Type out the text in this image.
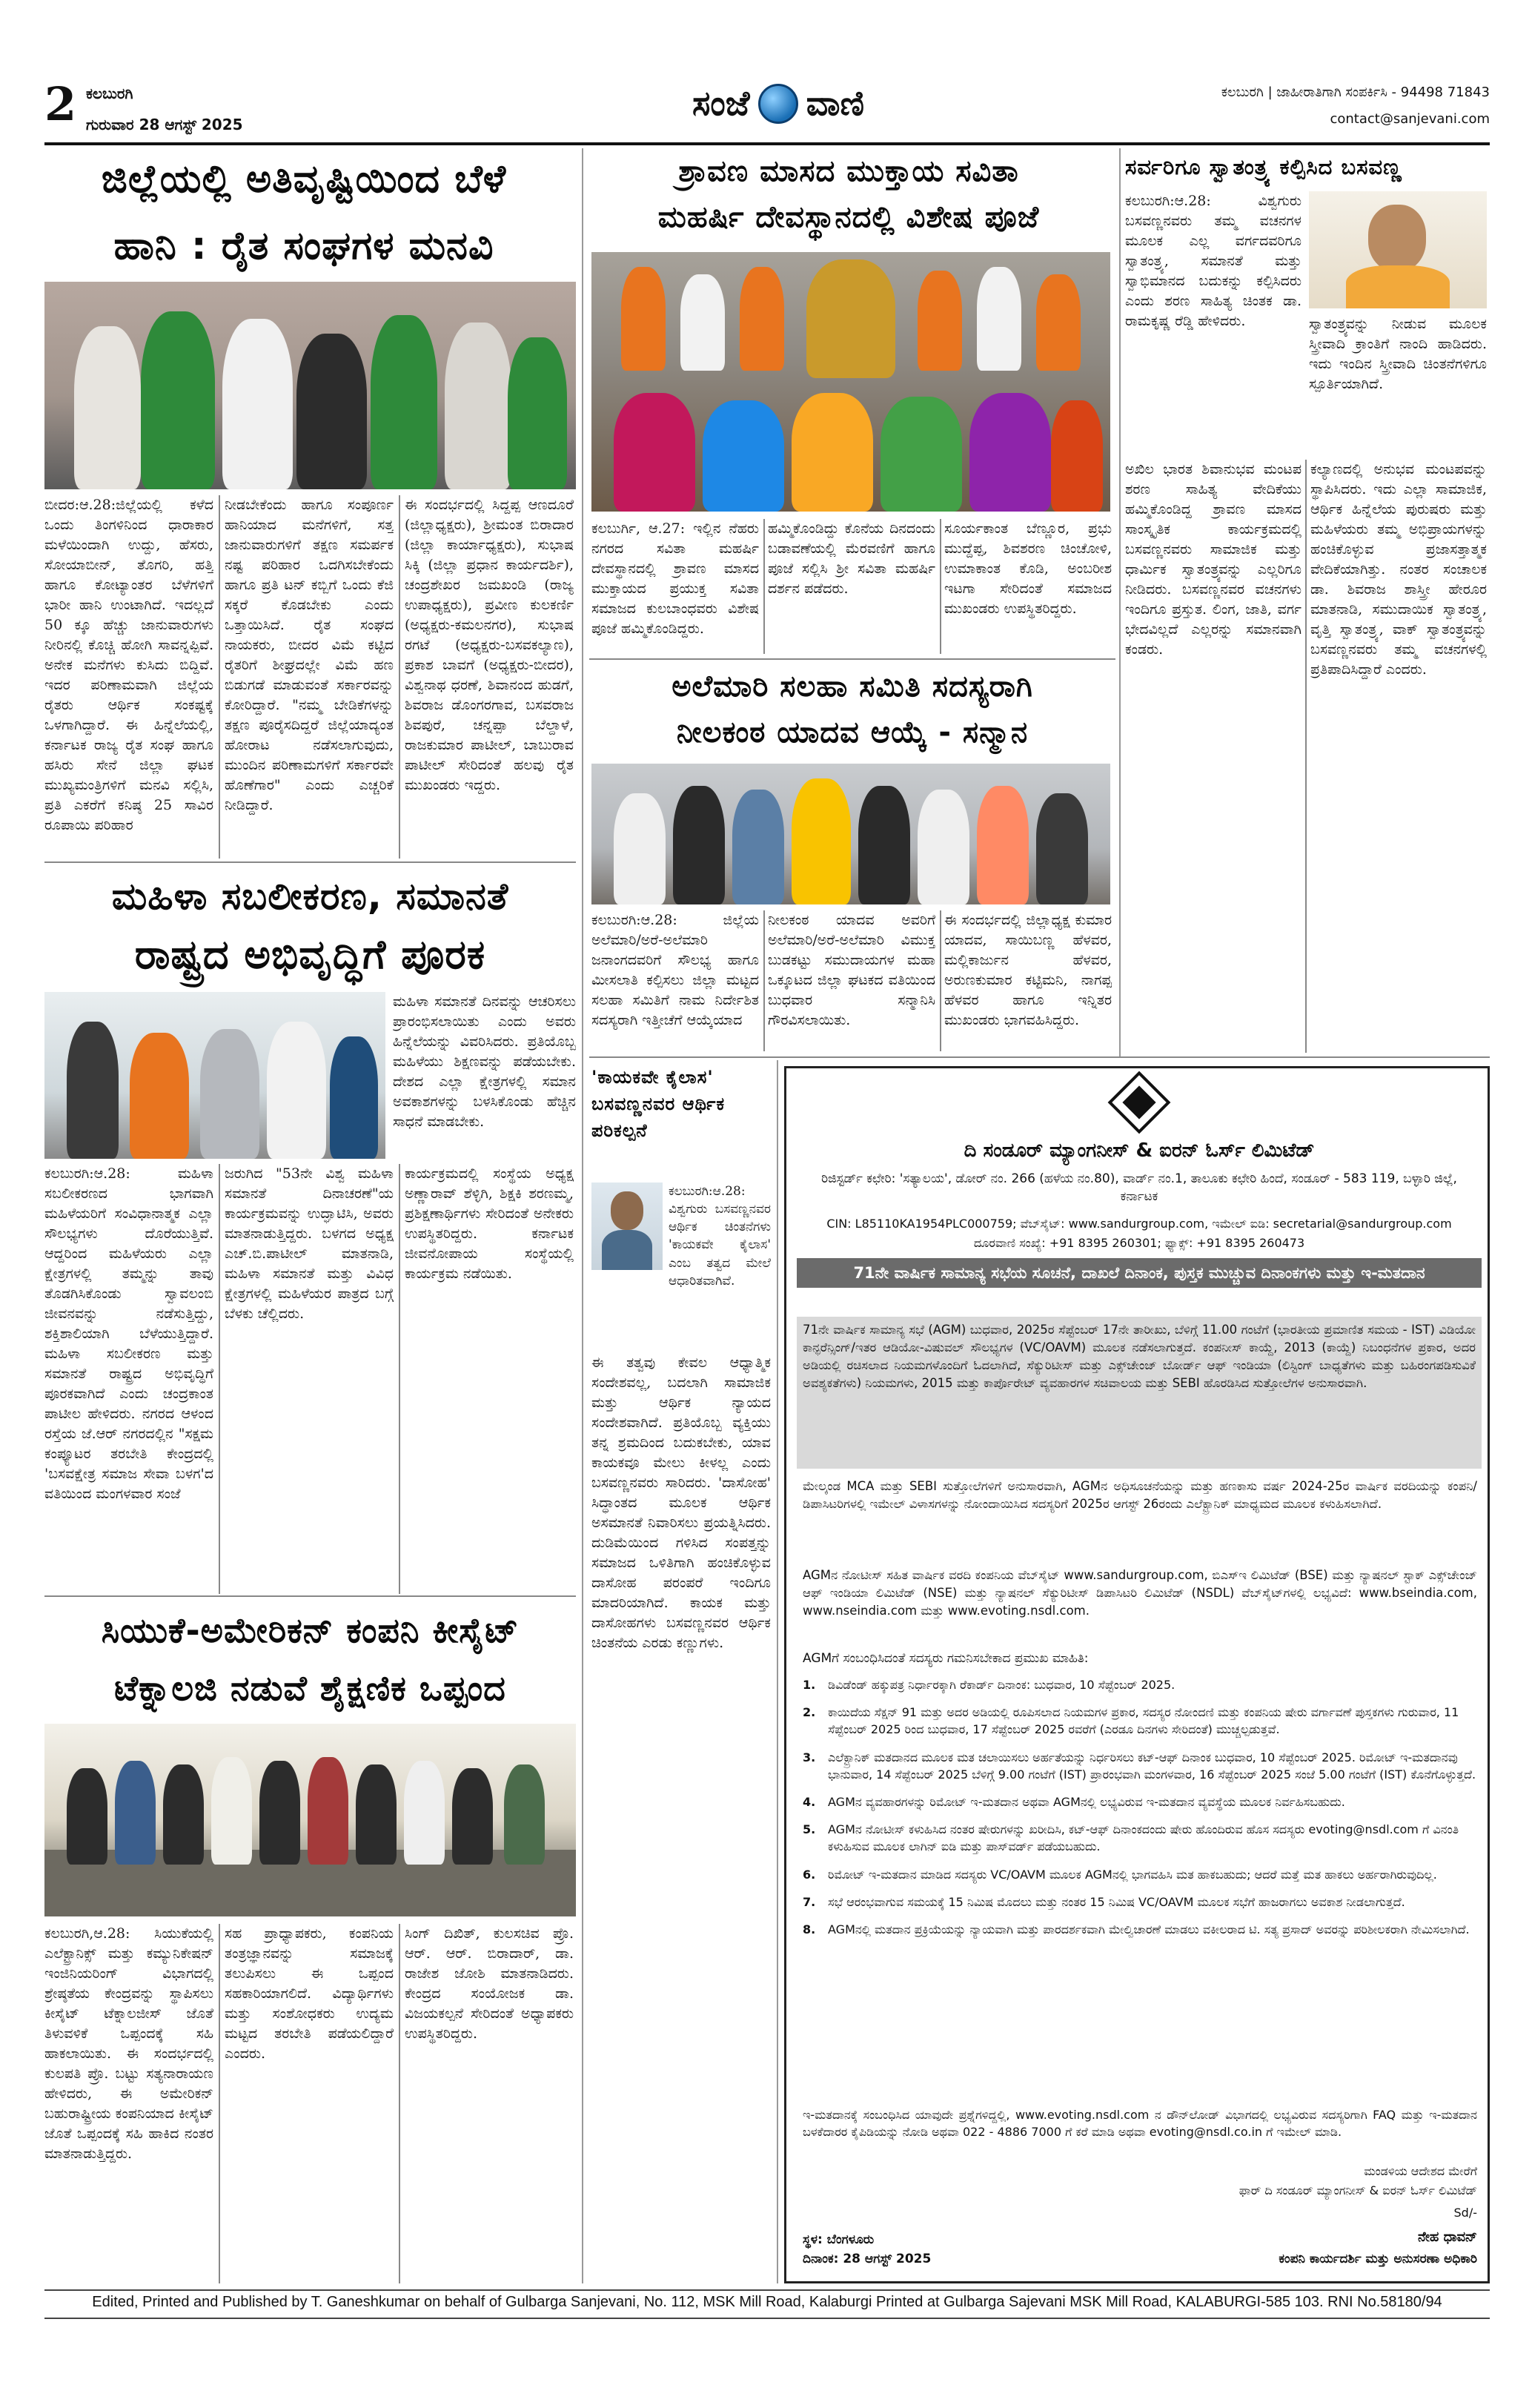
2 ಕಲಬುರಗಿ
ಗುರುವಾರ 28 ಆಗಸ್ಟ್ 2025
ಸಂಜೆ ವಾಣಿ	ಕಲಬುರಗಿ | ಜಾಹೀರಾತಿಗಾಗಿ ಸಂಪರ್ಕಿಸಿ - 94498 71843
contact@sanjevani.com
ಜಿಲ್ಲೆಯಲ್ಲಿ ಅತಿವೃಷ್ಟಿಯಿಂದ ಬೆಳೆ
ಹಾನಿ : ರೈತ ಸಂಘಗಳ ಮನವಿ
ಬೀದರ:ಆ.28:ಜಿಲ್ಲೆಯಲ್ಲಿ ಕಳೆದ ಒಂದು ತಿಂಗಳಿನಿಂದ ಧಾರಾಕಾರ ಮಳೆಯಿಂದಾಗಿ ಉದ್ದು, ಹೆಸರು, ಸೋಯಾಬೀನ್, ತೊಗರಿ, ಹತ್ತಿ ಹಾಗೂ ಕೋಟ್ಯಾಂತರ ಬೆಳೆಗಳಿಗೆ ಭಾರೀ ಹಾನಿ ಉಂಟಾಗಿದೆ. ಇದಲ್ಲದೆ 50 ಕ್ಕೂ ಹೆಚ್ಚು ಜಾನುವಾರುಗಳು ನೀರಿನಲ್ಲಿ ಕೊಚ್ಚಿ ಹೋಗಿ ಸಾವನ್ನಪ್ಪಿವೆ. ಅನೇಕ ಮನೆಗಳು ಕುಸಿದು ಬಿದ್ದಿವೆ. ಇದರ ಪರಿಣಾಮವಾಗಿ ಜಿಲ್ಲೆಯ ರೈತರು ಆರ್ಥಿಕ ಸಂಕಷ್ಟಕ್ಕೆ ಒಳಗಾಗಿದ್ದಾರೆ. ಈ ಹಿನ್ನೆಲೆಯಲ್ಲಿ, ಕರ್ನಾಟಕ ರಾಜ್ಯ ರೈತ ಸಂಘ ಹಾಗೂ ಹಸಿರು ಸೇನೆ ಜಿಲ್ಲಾ ಘಟಕ ಮುಖ್ಯಮಂತ್ರಿಗಳಿಗೆ ಮನವಿ ಸಲ್ಲಿಸಿ, ಪ್ರತಿ ಎಕರೆಗೆ ಕನಿಷ್ಠ 25 ಸಾವಿರ ರೂಪಾಯಿ ಪರಿಹಾರ
ನೀಡಬೇಕೆಂದು ಹಾಗೂ ಸಂಪೂರ್ಣ ಹಾನಿಯಾದ ಮನೆಗಳಿಗೆ, ಸತ್ತ ಜಾನುವಾರುಗಳಿಗೆ ತಕ್ಷಣ ಸಮರ್ಪಕ ನಷ್ಟ ಪರಿಹಾರ ಒದಗಿಸಬೇಕೆಂದು ಹಾಗೂ ಪ್ರತಿ ಟನ್ ಕಬ್ಬಿಗೆ ಒಂದು ಕೆಜಿ ಸಕ್ಕರೆ ಕೊಡಬೇಕು ಎಂದು ಒತ್ತಾಯಿಸಿದೆ. ರೈತ ಸಂಘದ ನಾಯಕರು, ಬೀದರ ವಿಮೆ ಕಟ್ಟಿದ ರೈತರಿಗೆ ಶೀಘ್ರದಲ್ಲೇ ವಿಮೆ ಹಣ ಬಿಡುಗಡೆ ಮಾಡುವಂತೆ ಸರ್ಕಾರವನ್ನು ಕೋರಿದ್ದಾರೆ. "ನಮ್ಮ ಬೇಡಿಕೆಗಳನ್ನು ತಕ್ಷಣ ಪೂರೈಸದಿದ್ದರೆ ಜಿಲ್ಲೆಯಾದ್ಯಂತ ಹೋರಾಟ ನಡೆಸಲಾಗುವುದು, ಮುಂದಿನ ಪರಿಣಾಮಗಳಿಗೆ ಸರ್ಕಾರವೇ ಹೊಣೆಗಾರ" ಎಂದು ಎಚ್ಚರಿಕೆ ನೀಡಿದ್ದಾರೆ.
ಈ ಸಂದರ್ಭದಲ್ಲಿ ಸಿದ್ದಪ್ಪ ಆಣದೂರೆ (ಜಿಲ್ಲಾಧ್ಯಕ್ಷರು), ಶ್ರೀಮಂತ ಬಿರಾದಾರ (ಜಿಲ್ಲಾ ಕಾರ್ಯಾಧ್ಯಕ್ಷರು), ಸುಭಾಷ ಸಿಕ್ಕಿ (ಜಿಲ್ಲಾ ಪ್ರಧಾನ ಕಾರ್ಯದರ್ಶಿ), ಚಂದ್ರಶೇಖರ ಜಮಖಂಡಿ (ರಾಜ್ಯ ಉಪಾಧ್ಯಕ್ಷರು), ಪ್ರವೀಣ ಕುಲಕರ್ಣಿ (ಅಧ್ಯಕ್ಷರು-ಕಮಲನಗರ), ಸುಭಾಷ ರಗಟೆ (ಅಧ್ಯಕ್ಷರು-ಬಸವಕಲ್ಯಾಣ), ಪ್ರಕಾಶ ಬಾವಗೆ (ಅಧ್ಯಕ್ಷರು-ಬೀದರ), ವಿಶ್ವನಾಥ ಧರಣೆ, ಶಿವಾನಂದ ಹುಡಗೆ, ಶಿವರಾಜ ಡೊಂಗರಗಾವ, ಬಸವರಾಜ ಶಿವಪುರೆ, ಚನ್ನಪ್ಪಾ ಬೆಲ್ದಾಳೆ, ರಾಜಕುಮಾರ ಪಾಟೀಲ್, ಬಾಬುರಾವ ಪಾಟೀಲ್ ಸೇರಿದಂತೆ ಹಲವು ರೈತ ಮುಖಂಡರು ಇದ್ದರು.
ಮಹಿಳಾ ಸಬಲೀಕರಣ, ಸಮಾನತೆ
ರಾಷ್ಟ್ರದ ಅಭಿವೃದ್ಧಿಗೆ ಪೂರಕ
ಮಹಿಳಾ ಸಮಾನತೆ ದಿನವನ್ನು ಆಚರಿಸಲು ಪ್ರಾರಂಭಿಸಲಾಯಿತು ಎಂದು ಅವರು ಹಿನ್ನೆಲೆಯನ್ನು ವಿವರಿಸಿದರು. ಪ್ರತಿಯೊಬ್ಬ ಮಹಿಳೆಯು ಶಿಕ್ಷಣವನ್ನು ಪಡೆಯಬೇಕು. ದೇಶದ ಎಲ್ಲಾ ಕ್ಷೇತ್ರಗಳಲ್ಲಿ ಸಮಾನ ಅವಕಾಶಗಳನ್ನು ಬಳಸಿಕೊಂಡು ಹೆಚ್ಚಿನ ಸಾಧನೆ ಮಾಡಬೇಕು.
ಕಲಬುರಗಿ:ಆ.28: ಮಹಿಳಾ ಸಬಲೀಕರಣದ ಭಾಗವಾಗಿ ಮಹಿಳೆಯರಿಗೆ ಸಂವಿಧಾನಾತ್ಮಕ ಎಲ್ಲಾ ಸೌಲಭ್ಯಗಳು ದೊರೆಯುತ್ತಿವೆ. ಆದ್ದರಿಂದ ಮಹಿಳೆಯರು ಎಲ್ಲಾ ಕ್ಷೇತ್ರಗಳಲ್ಲಿ ತಮ್ಮನ್ನು ತಾವು ತೊಡಗಿಸಿಕೊಂಡು ಸ್ವಾವಲಂಬಿ ಜೀವನವನ್ನು ನಡೆಸುತ್ತಿದ್ದು, ಶಕ್ತಿಶಾಲಿಯಾಗಿ ಬೆಳೆಯುತ್ತಿದ್ದಾರೆ. ಮಹಿಳಾ ಸಬಲೀಕರಣ ಮತ್ತು ಸಮಾನತೆ ರಾಷ್ಟ್ರದ ಅಭಿವೃದ್ಧಿಗೆ ಪೂರಕವಾಗಿದೆ ಎಂದು ಚಂದ್ರಕಾಂತ ಪಾಟೀಲ ಹೇಳಿದರು. ನಗರದ ಆಳಂದ ರಸ್ತೆಯ ಜೆ.ಆರ್ ನಗರದಲ್ಲಿನ "ಸಕ್ಷಮ ಕಂಪ್ಯೂಟರ ತರಬೇತಿ ಕೇಂದ್ರದಲ್ಲಿ 'ಬಸವಕ್ಷೇತ್ರ ಸಮಾಜ ಸೇವಾ ಬಳಗ'ದ ವತಿಯಿಂದ ಮಂಗಳವಾರ ಸಂಜೆ
ಜರುಗಿದ "53ನೇ ವಿಶ್ವ ಮಹಿಳಾ ಸಮಾನತೆ ದಿನಾಚರಣೆ"ಯ ಕಾರ್ಯಕ್ರಮವನ್ನು ಉದ್ಘಾಟಿಸಿ, ಅವರು ಮಾತನಾಡುತ್ತಿದ್ದರು. ಬಳಗದ ಅಧ್ಯಕ್ಷ ಎಚ್.ಬಿ.ಪಾಟೀಲ್ ಮಾತನಾಡಿ, ಮಹಿಳಾ ಸಮಾನತೆ ಮತ್ತು ವಿವಿಧ ಕ್ಷೇತ್ರಗಳಲ್ಲಿ ಮಹಿಳೆಯರ ಪಾತ್ರದ ಬಗ್ಗೆ ಬೆಳಕು ಚೆಲ್ಲಿದರು.
ಕಾರ್ಯಕ್ರಮದಲ್ಲಿ ಸಂಸ್ಥೆಯ ಅಧ್ಯಕ್ಷ ಅಣ್ಣಾರಾವ್ ಶೆಳ್ಳಿಗಿ, ಶಿಕ್ಷಕಿ ಶರಣಮ್ಮ, ಪ್ರಶಿಕ್ಷಣಾರ್ಥಿಗಳು ಸೇರಿದಂತೆ ಅನೇಕರು ಉಪಸ್ಥಿತರಿದ್ದರು. ಕರ್ನಾಟಕ ಜೀವನೋಪಾಯ ಸಂಸ್ಥೆಯಲ್ಲಿ ಕಾರ್ಯಕ್ರಮ ನಡೆಯಿತು.
ಸಿಯುಕೆ-ಅಮೇರಿಕನ್ ಕಂಪನಿ ಕೀಸೈಟ್
ಟೆಕ್ನಾಲಜಿ ನಡುವೆ ಶೈಕ್ಷಣಿಕ ಒಪ್ಪಂದ
ಕಲಬುರಗಿ,ಆ.28: ಸಿಯುಕೆಯಲ್ಲಿ ಎಲೆಕ್ಟ್ರಾನಿಕ್ಸ್ ಮತ್ತು ಕಮ್ಯುನಿಕೇಷನ್ ಇಂಜಿನಿಯರಿಂಗ್ ವಿಭಾಗದಲ್ಲಿ ಶ್ರೇಷ್ಠತೆಯ ಕೇಂದ್ರವನ್ನು ಸ್ಥಾಪಿಸಲು ಕೀಸೈಟ್ ಟೆಕ್ನಾಲಜೀಸ್ ಜೊತೆ ತಿಳುವಳಿಕೆ ಒಪ್ಪಂದಕ್ಕೆ ಸಹಿ ಹಾಕಲಾಯಿತು. ಈ ಸಂದರ್ಭದಲ್ಲಿ ಕುಲಪತಿ ಪ್ರೊ. ಬಟ್ಟು ಸತ್ಯನಾರಾಯಣ ಹೇಳಿದರು, ಈ ಅಮೇರಿಕನ್ ಬಹುರಾಷ್ಟ್ರೀಯ ಕಂಪನಿಯಾದ ಕೀಸೈಟ್ ಜೊತೆ ಒಪ್ಪಂದಕ್ಕೆ ಸಹಿ ಹಾಕಿದ ನಂತರ ಮಾತನಾಡುತ್ತಿದ್ದರು.
ಸಹ ಪ್ರಾಧ್ಯಾಪಕರು, ಕಂಪನಿಯ ತಂತ್ರಜ್ಞಾನವನ್ನು ಸಮಾಜಕ್ಕೆ ತಲುಪಿಸಲು ಈ ಒಪ್ಪಂದ ಸಹಕಾರಿಯಾಗಲಿದೆ. ವಿದ್ಯಾರ್ಥಿಗಳು ಮತ್ತು ಸಂಶೋಧಕರು ಉದ್ಯಮ ಮಟ್ಟದ ತರಬೇತಿ ಪಡೆಯಲಿದ್ದಾರೆ ಎಂದರು.
ಸಿಂಗ್ ದಿಖಿತ್, ಕುಲಸಚಿವ ಪ್ರೊ. ಆರ್. ಆರ್. ಬಿರಾದಾರ್, ಡಾ. ರಾಜೇಶ ಜೋಶಿ ಮಾತನಾಡಿದರು. ಕೇಂದ್ರದ ಸಂಯೋಜಕ ಡಾ. ವಿಜಯಕಲ್ಪನೆ ಸೇರಿದಂತೆ ಅಧ್ಯಾಪಕರು ಉಪಸ್ಥಿತರಿದ್ದರು.
ಶ್ರಾವಣ ಮಾಸದ ಮುಕ್ತಾಯ ಸವಿತಾ
ಮಹರ್ಷಿ ದೇವಸ್ಥಾನದಲ್ಲಿ ವಿಶೇಷ ಪೂಜೆ
ಕಲಬುರ್ಗಿ, ಆ.27: ಇಲ್ಲಿನ ನೆಹರು ನಗರದ ಸವಿತಾ ಮಹರ್ಷಿ ದೇವಸ್ಥಾನದಲ್ಲಿ ಶ್ರಾವಣ ಮಾಸದ ಮುಕ್ತಾಯದ ಪ್ರಯುಕ್ತ ಸವಿತಾ ಸಮಾಜದ ಕುಲಬಾಂಧವರು ವಿಶೇಷ ಪೂಜೆ ಹಮ್ಮಿಕೊಂಡಿದ್ದರು.
ಹಮ್ಮಿಕೊಂಡಿದ್ದು ಕೊನೆಯ ದಿನದಂದು ಬಡಾವಣೆಯಲ್ಲಿ ಮೆರವಣಿಗೆ ಹಾಗೂ ಪೂಜೆ ಸಲ್ಲಿಸಿ ಶ್ರೀ ಸವಿತಾ ಮಹರ್ಷಿ ದರ್ಶನ ಪಡೆದರು.
ಸೂರ್ಯಕಾಂತ ಬೆಣ್ಣೂರ, ಪ್ರಭು ಮುದ್ದೆಪ್ಪ, ಶಿವಶರಣ ಚಿಂಚೋಳಿ, ಉಮಾಕಾಂತ ಕೊಡಿ, ಅಂಬರೀಶ ಇಟಗಾ ಸೇರಿದಂತೆ ಸಮಾಜದ ಮುಖಂಡರು ಉಪಸ್ಥಿತರಿದ್ದರು.
ಅಲೆಮಾರಿ ಸಲಹಾ ಸಮಿತಿ ಸದಸ್ಯರಾಗಿ
ನೀಲಕಂಠ ಯಾದವ ಆಯ್ಕೆ - ಸನ್ಮಾನ
ಕಲಬುರಗಿ:ಆ.28: ಜಿಲ್ಲೆಯ ಅಲೆಮಾರಿ/ಅರೆ-ಅಲೆಮಾರಿ ಜನಾಂಗದವರಿಗೆ ಸೌಲಭ್ಯ ಹಾಗೂ ಮೀಸಲಾತಿ ಕಲ್ಪಿಸಲು ಜಿಲ್ಲಾ ಮಟ್ಟದ ಸಲಹಾ ಸಮಿತಿಗೆ ನಾಮ ನಿರ್ದೇಶಿತ ಸದಸ್ಯರಾಗಿ ಇತ್ತೀಚೆಗೆ ಆಯ್ಕೆಯಾದ
ನೀಲಕಂಠ ಯಾದವ ಅವರಿಗೆ ಅಲೆಮಾರಿ/ಅರೆ-ಅಲೆಮಾರಿ ವಿಮುಕ್ತ ಬುಡಕಟ್ಟು ಸಮುದಾಯಗಳ ಮಹಾ ಒಕ್ಕೂಟದ ಜಿಲ್ಲಾ ಘಟಕದ ವತಿಯಿಂದ ಬುಧವಾರ ಸನ್ಮಾನಿಸಿ ಗೌರವಿಸಲಾಯಿತು.
ಈ ಸಂದರ್ಭದಲ್ಲಿ ಜಿಲ್ಲಾಧ್ಯಕ್ಷ ಕುಮಾರ ಯಾದವ, ಸಾಯಿಬಣ್ಣ ಹೆಳವರ, ಮಲ್ಲಿಕಾರ್ಜುನ ಹೆಳವರ, ಅರುಣಕುಮಾರ ಕಟ್ಟಿಮನಿ, ನಾಗಪ್ಪ ಹೆಳವರ ಹಾಗೂ ಇನ್ನಿತರ ಮುಖಂಡರು ಭಾಗವಹಿಸಿದ್ದರು.
ಸರ್ವರಿಗೂ ಸ್ವಾತಂತ್ರ್ಯ ಕಲ್ಪಿಸಿದ ಬಸವಣ್ಣ
ಕಲಬುರಗಿ:ಆ.28: ವಿಶ್ವಗುರು ಬಸವಣ್ಣನವರು ತಮ್ಮ ವಚನಗಳ ಮೂಲಕ ಎಲ್ಲ ವರ್ಗದವರಿಗೂ ಸ್ವಾತಂತ್ರ್ಯ, ಸಮಾನತೆ ಮತ್ತು ಸ್ವಾಭಿಮಾನದ ಬದುಕನ್ನು ಕಲ್ಪಿಸಿದರು ಎಂದು ಶರಣ ಸಾಹಿತ್ಯ ಚಿಂತಕ ಡಾ. ರಾಮಕೃಷ್ಣ ರೆಡ್ಡಿ ಹೇಳಿದರು.	ಸ್ವಾತಂತ್ರ್ಯವನ್ನು ನೀಡುವ ಮೂಲಕ ಸ್ತ್ರೀವಾದಿ ಕ್ರಾಂತಿಗೆ ನಾಂದಿ ಹಾಡಿದರು. ಇದು ಇಂದಿನ ಸ್ತ್ರೀವಾದಿ ಚಿಂತನೆಗಳಿಗೂ ಸ್ಪೂರ್ತಿಯಾಗಿದೆ.
ಅಖಿಲ ಭಾರತ ಶಿವಾನುಭವ ಮಂಟಪ ಶರಣ ಸಾಹಿತ್ಯ ವೇದಿಕೆಯು ಹಮ್ಮಿಕೊಂಡಿದ್ದ ಶ್ರಾವಣ ಮಾಸದ ಸಾಂಸ್ಕೃತಿಕ ಕಾರ್ಯಕ್ರಮದಲ್ಲಿ ಬಸವಣ್ಣನವರು ಸಾಮಾಜಿಕ ಮತ್ತು ಧಾರ್ಮಿಕ ಸ್ವಾತಂತ್ರ್ಯವನ್ನು ಎಲ್ಲರಿಗೂ ನೀಡಿದರು. ಬಸವಣ್ಣನವರ ವಚನಗಳು ಇಂದಿಗೂ ಪ್ರಸ್ತುತ. ಲಿಂಗ, ಜಾತಿ, ವರ್ಗ ಭೇದವಿಲ್ಲದೆ ಎಲ್ಲರನ್ನು ಸಮಾನವಾಗಿ ಕಂಡರು.
ಕಲ್ಯಾಣದಲ್ಲಿ ಅನುಭವ ಮಂಟಪವನ್ನು ಸ್ಥಾಪಿಸಿದರು. ಇದು ಎಲ್ಲಾ ಸಾಮಾಜಿಕ, ಆರ್ಥಿಕ ಹಿನ್ನೆಲೆಯ ಪುರುಷರು ಮತ್ತು ಮಹಿಳೆಯರು ತಮ್ಮ ಅಭಿಪ್ರಾಯಗಳನ್ನು ಹಂಚಿಕೊಳ್ಳುವ ಪ್ರಜಾಸತ್ತಾತ್ಮಕ ವೇದಿಕೆಯಾಗಿತ್ತು. ನಂತರ ಸಂಚಾಲಕ ಡಾ. ಶಿವರಾಜ ಶಾಸ್ತ್ರೀ ಹೇರೂರ ಮಾತನಾಡಿ, ಸಮುದಾಯಿಕ ಸ್ವಾತಂತ್ರ್ಯ, ವೃತ್ತಿ ಸ್ವಾತಂತ್ರ್ಯ, ವಾಕ್ ಸ್ವಾತಂತ್ರ್ಯವನ್ನು ಬಸವಣ್ಣನವರು ತಮ್ಮ ವಚನಗಳಲ್ಲಿ ಪ್ರತಿಪಾದಿಸಿದ್ದಾರೆ ಎಂದರು.
'ಕಾಯಕವೇ ಕೈಲಾಸ' ಬಸವಣ್ಣನವರ ಆರ್ಥಿಕ ಪರಿಕಲ್ಪನೆ
ಕಲಬುರಗಿ:ಆ.28: ವಿಶ್ವಗುರು ಬಸವಣ್ಣನವರ ಆರ್ಥಿಕ ಚಿಂತನೆಗಳು 'ಕಾಯಕವೇ ಕೈಲಾಸ' ಎಂಬ ತತ್ವದ ಮೇಲೆ ಆಧಾರಿತವಾಗಿವೆ.
ಈ ತತ್ವವು ಕೇವಲ ಆಧ್ಯಾತ್ಮಿಕ ಸಂದೇಶವಲ್ಲ, ಬದಲಾಗಿ ಸಾಮಾಜಿಕ ಮತ್ತು ಆರ್ಥಿಕ ನ್ಯಾಯದ ಸಂದೇಶವಾಗಿದೆ. ಪ್ರತಿಯೊಬ್ಬ ವ್ಯಕ್ತಿಯು ತನ್ನ ಶ್ರಮದಿಂದ ಬದುಕಬೇಕು, ಯಾವ ಕಾಯಕವೂ ಮೇಲು ಕೀಳಲ್ಲ ಎಂದು ಬಸವಣ್ಣನವರು ಸಾರಿದರು. 'ದಾಸೋಹ' ಸಿದ್ಧಾಂತದ ಮೂಲಕ ಆರ್ಥಿಕ ಅಸಮಾನತೆ ನಿವಾರಿಸಲು ಪ್ರಯತ್ನಿಸಿದರು. ದುಡಿಮೆಯಿಂದ ಗಳಿಸಿದ ಸಂಪತ್ತನ್ನು ಸಮಾಜದ ಒಳಿತಿಗಾಗಿ ಹಂಚಿಕೊಳ್ಳುವ ದಾಸೋಹ ಪರಂಪರೆ ಇಂದಿಗೂ ಮಾದರಿಯಾಗಿದೆ. ಕಾಯಕ ಮತ್ತು ದಾಸೋಹಗಳು ಬಸವಣ್ಣನವರ ಆರ್ಥಿಕ ಚಿಂತನೆಯ ಎರಡು ಕಣ್ಣುಗಳು.
ದಿ ಸಂಡೂರ್ ಮ್ಯಾಂಗನೀಸ್ & ಐರನ್ ಓರ್ಸ್ ಲಿಮಿಟೆಡ್
ರಿಜಿಸ್ಟರ್ಡ್ ಕಛೇರಿ: 'ಸತ್ಯಾಲಯ', ಡೋರ್ ನಂ. 266 (ಹಳೆಯ ನಂ.80), ವಾರ್ಡ್ ನಂ.1, ತಾಲೂಕು ಕಛೇರಿ ಹಿಂದೆ, ಸಂಡೂರ್ - 583 119, ಬಳ್ಳಾರಿ ಜಿಲ್ಲೆ, ಕರ್ನಾಟಕ
CIN: L85110KA1954PLC000759; ವೆಬ್‌ಸೈಟ್: www.sandurgroup.com, ಇಮೇಲ್ ಐಡಿ: secretarial@sandurgroup.com
ದೂರವಾಣಿ ಸಂಖ್ಯೆ: +91 8395 260301; ಫ್ಯಾಕ್ಸ್: +91 8395 260473
71ನೇ ವಾರ್ಷಿಕ ಸಾಮಾನ್ಯ ಸಭೆಯ ಸೂಚನೆ, ದಾಖಲೆ ದಿನಾಂಕ, ಪುಸ್ತಕ ಮುಚ್ಚುವ ದಿನಾಂಕಗಳು ಮತ್ತು ಇ-ಮತದಾನ
71ನೇ ವಾರ್ಷಿಕ ಸಾಮಾನ್ಯ ಸಭೆ (AGM) ಬುಧವಾರ, 2025ರ ಸೆಪ್ಟೆಂಬರ್ 17ನೇ ತಾರೀಖು, ಬೆಳಿಗ್ಗೆ 11.00 ಗಂಟೆಗೆ (ಭಾರತೀಯ ಪ್ರಮಾಣಿತ ಸಮಯ - IST) ವಿಡಿಯೋ ಕಾನ್ಫರೆನ್ಸಿಂಗ್/ಇತರ ಆಡಿಯೋ-ವಿಷುವಲ್ ಸೌಲಭ್ಯಗಳ (VC/OAVM) ಮೂಲಕ ನಡೆಸಲಾಗುತ್ತದೆ. ಕಂಪನೀಸ್ ಕಾಯ್ದೆ, 2013 (ಕಾಯ್ದೆ) ನಿಬಂಧನೆಗಳ ಪ್ರಕಾರ, ಅದರ ಅಡಿಯಲ್ಲಿ ರಚಿಸಲಾದ ನಿಯಮಗಳೊಂದಿಗೆ ಓದಲಾಗಿದೆ, ಸೆಕ್ಯುರಿಟೀಸ್ ಮತ್ತು ಎಕ್ಸ್‌ಚೇಂಜ್ ಬೋರ್ಡ್ ಆಫ್ ಇಂಡಿಯಾ (ಲಿಸ್ಟಿಂಗ್ ಬಾಧ್ಯತೆಗಳು ಮತ್ತು ಬಹಿರಂಗಪಡಿಸುವಿಕೆ ಅವಶ್ಯಕತೆಗಳು) ನಿಯಮಗಳು, 2015 ಮತ್ತು ಕಾರ್ಪೊರೇಟ್ ವ್ಯವಹಾರಗಳ ಸಚಿವಾಲಯ ಮತ್ತು SEBI ಹೊರಡಿಸಿದ ಸುತ್ತೋಲೆಗಳ ಅನುಸಾರವಾಗಿ.
ಮೇಲ್ಕಂಡ MCA ಮತ್ತು SEBI ಸುತ್ತೋಲೆಗಳಿಗೆ ಅನುಸಾರವಾಗಿ, AGMನ ಅಧಿಸೂಚನೆಯನ್ನು ಮತ್ತು ಹಣಕಾಸು ವರ್ಷ 2024-25ರ ವಾರ್ಷಿಕ ವರದಿಯನ್ನು ಕಂಪನಿ/ಡಿಪಾಸಿಟರಿಗಳಲ್ಲಿ ಇಮೇಲ್ ವಿಳಾಸಗಳನ್ನು ನೋಂದಾಯಿಸಿದ ಸದಸ್ಯರಿಗೆ 2025ರ ಆಗಸ್ಟ್ 26ರಂದು ಎಲೆಕ್ಟ್ರಾನಿಕ್ ಮಾಧ್ಯಮದ ಮೂಲಕ ಕಳುಹಿಸಲಾಗಿದೆ.
AGMನ ನೋಟೀಸ್ ಸಹಿತ ವಾರ್ಷಿಕ ವರದಿ ಕಂಪನಿಯ ವೆಬ್‌ಸೈಟ್ www.sandurgroup.com, ಬಿಎಸ್‌ಇ ಲಿಮಿಟೆಡ್ (BSE) ಮತ್ತು ನ್ಯಾಷನಲ್ ಸ್ಟಾಕ್ ಎಕ್ಸ್‌ಚೇಂಜ್ ಆಫ್ ಇಂಡಿಯಾ ಲಿಮಿಟೆಡ್ (NSE) ಮತ್ತು ನ್ಯಾಷನಲ್ ಸೆಕ್ಯುರಿಟೀಸ್ ಡಿಪಾಸಿಟರಿ ಲಿಮಿಟೆಡ್ (NSDL) ವೆಬ್‌ಸೈಟ್‌ಗಳಲ್ಲಿ ಲಭ್ಯವಿದೆ: www.bseindia.com, www.nseindia.com ಮತ್ತು www.evoting.nsdl.com.
AGMಗೆ ಸಂಬಂಧಿಸಿದಂತೆ ಸದಸ್ಯರು ಗಮನಿಸಬೇಕಾದ ಪ್ರಮುಖ ಮಾಹಿತಿ:
1.	ಡಿವಿಡೆಂಡ್ ಹಕ್ಕುಪತ್ರ ನಿರ್ಧಾರಕ್ಕಾಗಿ ರೆಕಾರ್ಡ್ ದಿನಾಂಕ: ಬುಧವಾರ, 10 ಸೆಪ್ಟೆಂಬರ್ 2025.
2.	ಕಾಯಿದೆಯ ಸೆಕ್ಷನ್ 91 ಮತ್ತು ಅದರ ಅಡಿಯಲ್ಲಿ ರೂಪಿಸಲಾದ ನಿಯಮಗಳ ಪ್ರಕಾರ, ಸದಸ್ಯರ ನೋಂದಣಿ ಮತ್ತು ಕಂಪನಿಯ ಷೇರು ವರ್ಗಾವಣೆ ಪುಸ್ತಕಗಳು ಗುರುವಾರ, 11 ಸೆಪ್ಟೆಂಬರ್ 2025 ರಿಂದ ಬುಧವಾರ, 17 ಸೆಪ್ಟೆಂಬರ್ 2025 ರವರೆಗೆ (ಎರಡೂ ದಿನಗಳು ಸೇರಿದಂತೆ) ಮುಚ್ಚಲ್ಪಡುತ್ತವೆ.
3.	ಎಲೆಕ್ಟ್ರಾನಿಕ್ ಮತದಾನದ ಮೂಲಕ ಮತ ಚಲಾಯಿಸಲು ಅರ್ಹತೆಯನ್ನು ನಿರ್ಧರಿಸಲು ಕಟ್-ಆಫ್ ದಿನಾಂಕ ಬುಧವಾರ, 10 ಸೆಪ್ಟೆಂಬರ್ 2025. ರಿಮೋಟ್ ಇ-ಮತದಾನವು ಭಾನುವಾರ, 14 ಸೆಪ್ಟೆಂಬರ್ 2025 ಬೆಳಿಗ್ಗೆ 9.00 ಗಂಟೆಗೆ (IST) ಪ್ರಾರಂಭವಾಗಿ ಮಂಗಳವಾರ, 16 ಸೆಪ್ಟೆಂಬರ್ 2025 ಸಂಜೆ 5.00 ಗಂಟೆಗೆ (IST) ಕೊನೆಗೊಳ್ಳುತ್ತದೆ.
4.	AGMನ ವ್ಯವಹಾರಗಳನ್ನು ರಿಮೋಟ್ ಇ-ಮತದಾನ ಅಥವಾ AGMನಲ್ಲಿ ಲಭ್ಯವಿರುವ ಇ-ಮತದಾನ ವ್ಯವಸ್ಥೆಯ ಮೂಲಕ ನಿರ್ವಹಿಸಬಹುದು.
5.	AGMನ ನೋಟೀಸ್ ಕಳುಹಿಸಿದ ನಂತರ ಷೇರುಗಳನ್ನು ಖರೀದಿಸಿ, ಕಟ್-ಆಫ್ ದಿನಾಂಕದಂದು ಷೇರು ಹೊಂದಿರುವ ಹೊಸ ಸದಸ್ಯರು evoting@nsdl.com ಗೆ ವಿನಂತಿ ಕಳುಹಿಸುವ ಮೂಲಕ ಲಾಗಿನ್ ಐಡಿ ಮತ್ತು ಪಾಸ್‌ವರ್ಡ್ ಪಡೆಯಬಹುದು.
6.	ರಿಮೋಟ್ ಇ-ಮತದಾನ ಮಾಡಿದ ಸದಸ್ಯರು VC/OAVM ಮೂಲಕ AGMನಲ್ಲಿ ಭಾಗವಹಿಸಿ ಮತ ಹಾಕಬಹುದು; ಆದರೆ ಮತ್ತೆ ಮತ ಹಾಕಲು ಅರ್ಹರಾಗಿರುವುದಿಲ್ಲ.
7.	ಸಭೆ ಆರಂಭವಾಗುವ ಸಮಯಕ್ಕೆ 15 ನಿಮಿಷ ಮೊದಲು ಮತ್ತು ನಂತರ 15 ನಿಮಿಷ VC/OAVM ಮೂಲಕ ಸಭೆಗೆ ಹಾಜರಾಗಲು ಅವಕಾಶ ನೀಡಲಾಗುತ್ತದೆ.
8.	AGMನಲ್ಲಿ ಮತದಾನ ಪ್ರಕ್ರಿಯೆಯನ್ನು ನ್ಯಾಯವಾಗಿ ಮತ್ತು ಪಾರದರ್ಶಕವಾಗಿ ಮೇಲ್ವಿಚಾರಣೆ ಮಾಡಲು ವಕೀಲರಾದ ಟಿ. ಸತ್ಯ ಪ್ರಸಾದ್ ಅವರನ್ನು ಪರಿಶೀಲಕರಾಗಿ ನೇಮಿಸಲಾಗಿದೆ.
ಇ-ಮತದಾನಕ್ಕೆ ಸಂಬಂಧಿಸಿದ ಯಾವುದೇ ಪ್ರಶ್ನೆಗಳಿದ್ದಲ್ಲಿ, www.evoting.nsdl.com ನ ಡೌನ್‌ಲೋಡ್ ವಿಭಾಗದಲ್ಲಿ ಲಭ್ಯವಿರುವ ಸದಸ್ಯರಿಗಾಗಿ FAQ ಮತ್ತು ಇ-ಮತದಾನ ಬಳಕೆದಾರರ ಕೈಪಿಡಿಯನ್ನು ನೋಡಿ ಅಥವಾ 022 - 4886 7000 ಗೆ ಕರೆ ಮಾಡಿ ಅಥವಾ evoting@nsdl.co.in ಗೆ ಇಮೇಲ್ ಮಾಡಿ.
ಮಂಡಳಿಯ ಆದೇಶದ ಮೇರೆಗೆ
ಫಾರ್ ದಿ ಸಂಡೂರ್ ಮ್ಯಾಂಗನೀಸ್ & ಐರನ್ ಓರ್ಸ್ ಲಿಮಿಟೆಡ್
Sd/-
ಸ್ಥಳ: ಬೆಂಗಳೂರು
ದಿನಾಂಕ: 28 ಆಗಸ್ಟ್ 2025
ನೇಹ ಧಾವನ್
ಕಂಪನಿ ಕಾರ್ಯದರ್ಶಿ ಮತ್ತು ಅನುಸರಣಾ ಅಧಿಕಾರಿ
Edited, Printed and Published by T. Ganeshkumar on behalf of Gulbarga Sanjevani, No. 112, MSK Mill Road, Kalaburgi Printed at Gulbarga Sajevani MSK Mill Road, KALABURGI-585 103. RNI No.58180/94
